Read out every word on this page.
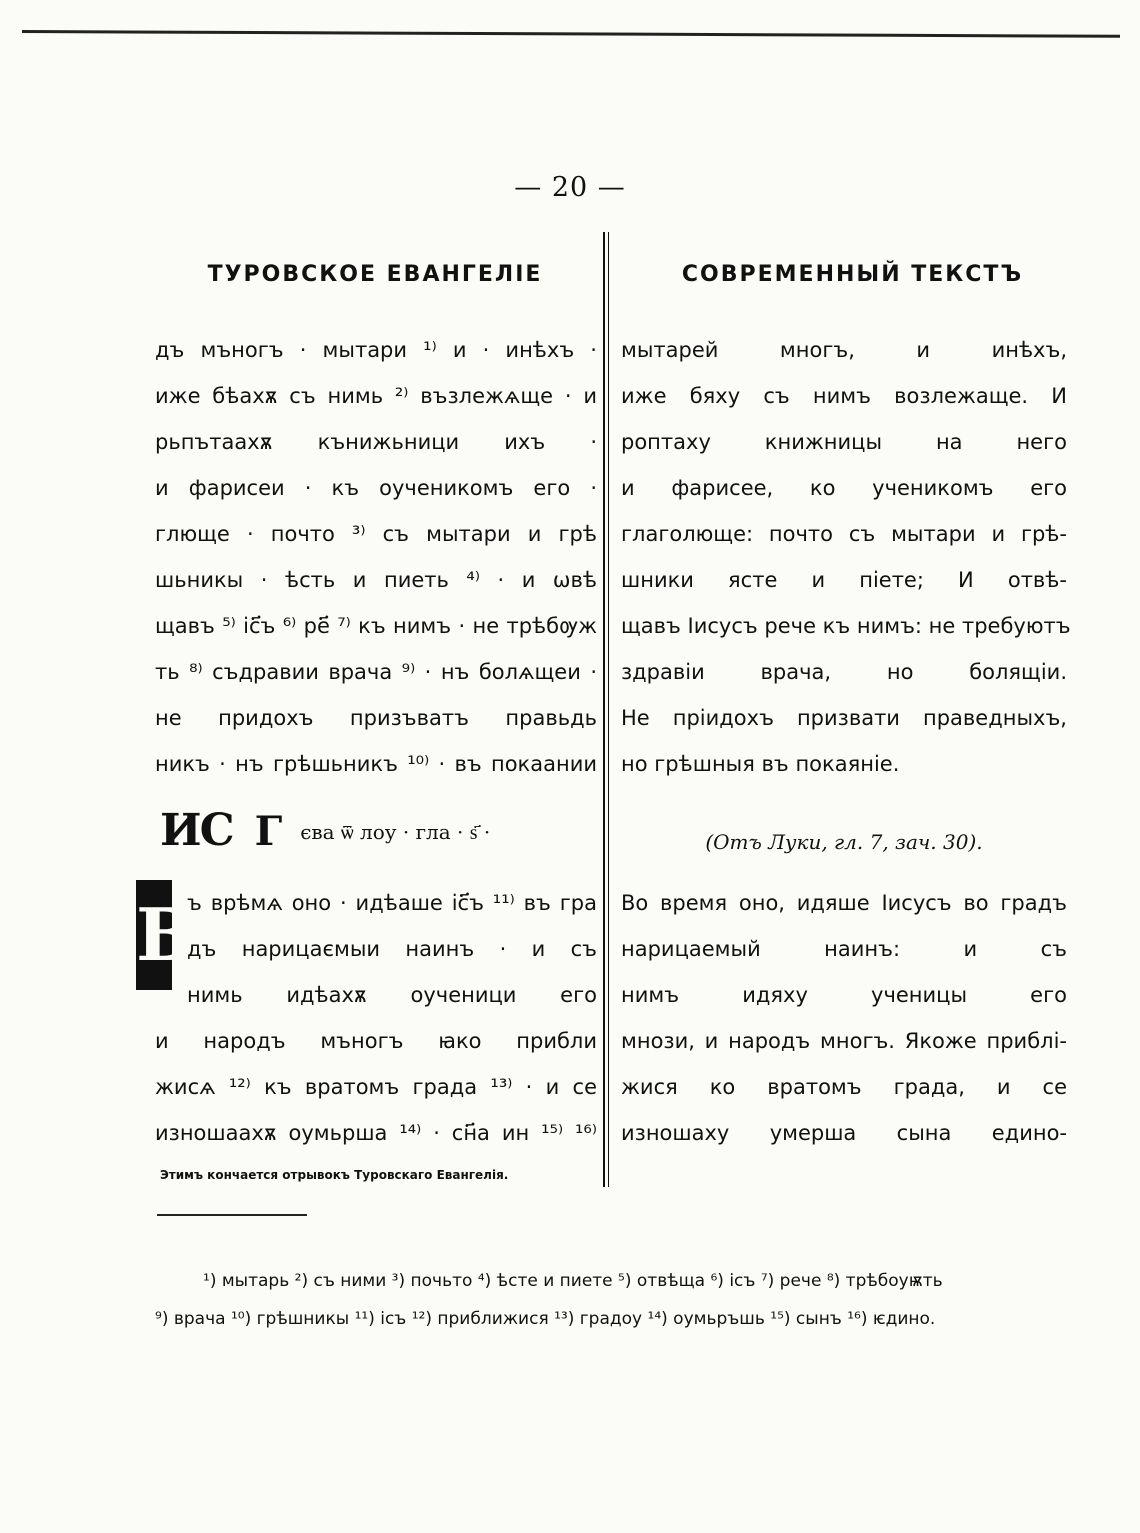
— 20 —
ТУРОВСКОЕ ЕВАНГЕЛІЕ	СОВРЕМЕННЫЙ ТЕКСТЪ
дъ мъногъ · мытари ¹⁾ и · инѣхъ ·
иже бѣахѫ съ нимь ²⁾ възлежѧще · и
рьпътаахѫ кънижьници ихъ ·
и фарисеи · къ оученикомъ его ·
глюще · почто ³⁾ съ мытари и грѣ
шьникы · ѣсть и пиеть ⁴⁾ · и ѡвѣ
щавъ ⁵⁾ іс҃ъ ⁶⁾ ре҃ ⁷⁾ къ нимъ · не трѣбѹж
ть ⁸⁾ съдравии врача ⁹⁾ · нъ болѧщеи ·
не придохъ призъватъ правьдь
никъ · нъ грѣшьникъ ¹⁰⁾ · въ покаании
мытарей многъ, и инѣхъ,
иже бяху съ нимъ возлежаще. И
роптаху книжницы на него
и фарисее, ко ученикомъ его
глаголюще: почто съ мытари и грѣ-
шники ясте и піете; И отвѣ-
щавъ Іисусъ рече къ нимъ: не требуютъ
здравіи врача, но болящіи.
Не пріидохъ призвати праведныхъ,
но грѣшныя въ покаяніе.
ИС Г єва ѿ лоу · гла · ѕ҃ ·	(Отъ Луки, гл. 7, зач. 30).
В
ъ врѣмѧ оно · идѣаше іс҃ъ ¹¹⁾ въ гра
дъ нарицаємыи наинъ · и съ
нимь идѣахѫ оученици его
и народъ мъногъ ꙗко прибли
жисѧ ¹²⁾ къ вратомъ града ¹³⁾ · и се
изношаахѫ оумьрша ¹⁴⁾ · сн҃а ин ¹⁵⁾ ¹⁶⁾
Во время оно, идяше Іисусъ во градъ
нарицаемый наинъ: и съ
нимъ идяху ученицы его
мнози, и народъ многъ. Якоже приблі-
жися ко вратомъ града, и се
изношаху умерша сына едино-
Этимъ кончается отрывокъ Туровскаго Евангелія.
¹) мытарь ²) съ ними ³) почьто ⁴) ѣсте и пиете ⁵) отвѣща ⁶) ісъ ⁷) рече ⁸) трѣбоуѭть
⁹) врача ¹⁰) грѣшникы ¹¹) ісъ ¹²) приближися ¹³) градоу ¹⁴) оумьръшь ¹⁵) сынъ ¹⁶) ѥдино.
